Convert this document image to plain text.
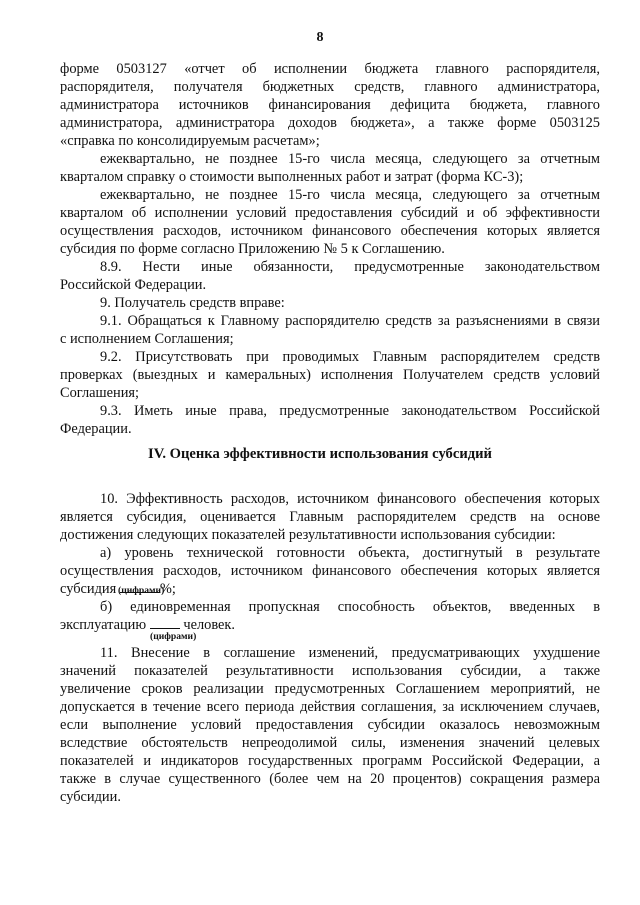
8
форме 0503127 «отчет об исполнении бюджета главного распорядителя,
распорядителя, получателя бюджетных средств, главного администратора,
администратора источников финансирования дефицита бюджета, главного
администратора, администратора доходов бюджета», а также форме 0503125
«справка по консолидируемым расчетам»;
ежеквартально, не позднее 15-го числа месяца, следующего за отчетным
кварталом справку о стоимости выполненных работ и затрат (форма КС-3);
ежеквартально, не позднее 15-го числа месяца, следующего за отчетным
кварталом об исполнении условий предоставления субсидий и об эффективности
осуществления расходов, источником финансового обеспечения которых является
субсидия по форме согласно Приложению № 5 к Соглашению.
8.9. Нести иные обязанности, предусмотренные законодательством
Российской Федерации.
9. Получатель средств вправе:
9.1. Обращаться к Главному распорядителю средств за разъяснениями в связи
с исполнением Соглашения;
9.2. Присутствовать при проводимых Главным распорядителем средств
проверках (выездных и камеральных) исполнения Получателем средств условий
Соглашения;
9.3. Иметь иные права, предусмотренные законодательством Российской
Федерации.
IV. Оценка эффективности использования субсидий
10. Эффективность расходов, источником финансового обеспечения которых
является субсидия, оценивается Главным распорядителем средств на основе
достижения следующих показателей результативности использования субсидии:
а) уровень технической готовности объекта, достигнутый в результате
осуществления расходов, источником финансового обеспечения которых является
субсидия	%;
(цифрами)
б) единовременная пропускная способность объектов, введенных в
эксплуатацию	человек.
(цифрами)
11. Внесение в соглашение изменений, предусматривающих ухудшение
значений показателей результативности использования субсидии, а также
увеличение сроков реализации предусмотренных Соглашением мероприятий, не
допускается в течение всего периода действия соглашения, за исключением случаев,
если выполнение условий предоставления субсидии оказалось невозможным
вследствие обстоятельств непреодолимой силы, изменения значений целевых
показателей и индикаторов государственных программ Российской Федерации, а
также в случае существенного (более чем на 20 процентов) сокращения размера
субсидии.
